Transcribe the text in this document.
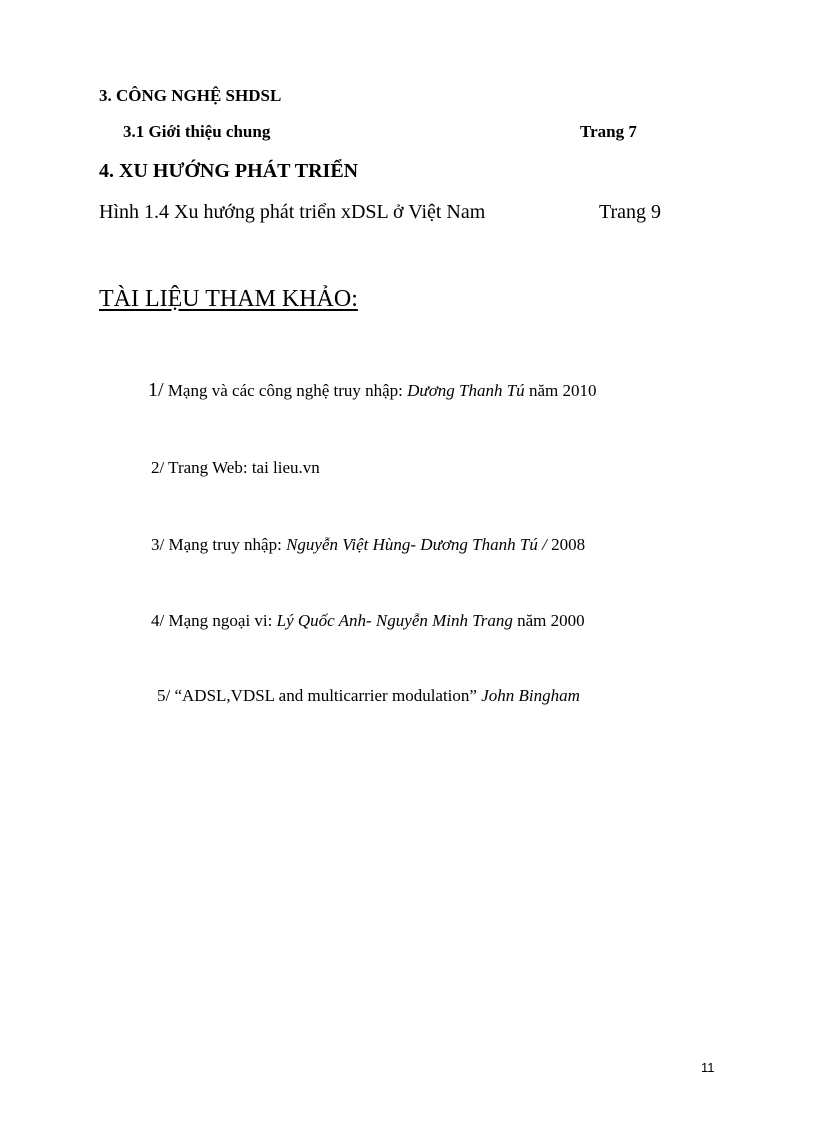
3. CÔNG NGHỆ SHDSL
3.1 Giới thiệu chung	Trang 7
4. XU HƯỚNG PHÁT TRIỂN
Hình 1.4 Xu hướng phát triển xDSL ở Việt Nam	Trang 9
TÀI LIỆU THAM KHẢO:
1/ Mạng và các công nghệ truy nhập: Dương Thanh Tú năm 2010
2/ Trang Web: tai lieu.vn
3/ Mạng truy nhập: Nguyễn Việt Hùng- Dương Thanh Tú / 2008
4/ Mạng ngoại vi: Lý Quốc Anh- Nguyễn Minh Trang năm 2000
5/ “ADSL,VDSL and multicarrier modulation” John Bingham
11
